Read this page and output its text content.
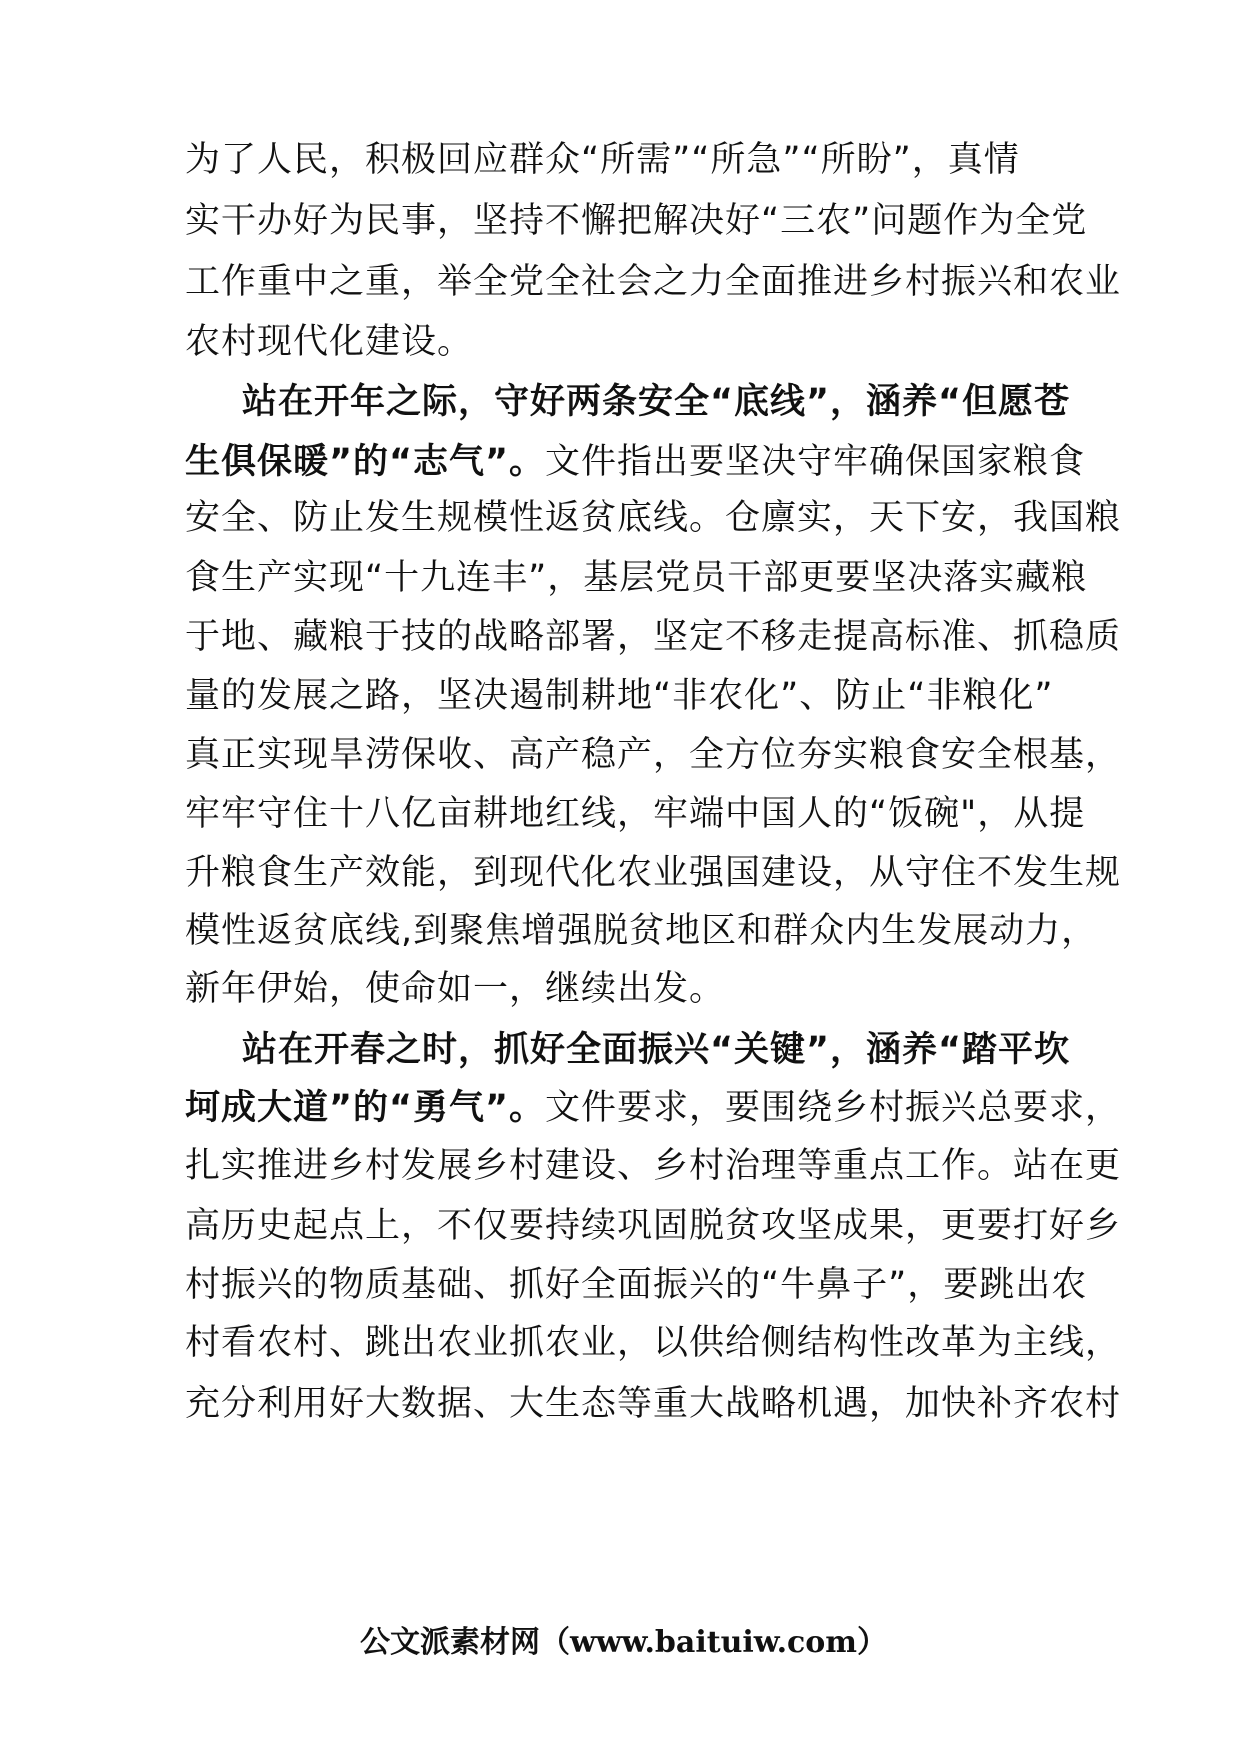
为了人民，积极回应群众“所需”“所急”“所盼”，真情
实干办好为民事，坚持不懈把解决好“三农”问题作为全党
工作重中之重，举全党全社会之力全面推进乡村振兴和农业
农村现代化建设。
站在开年之际，守好两条安全“底线”，涵养“但愿苍
生俱保暖”的“志气”。文件指出要坚决守牢确保国家粮食
安全、防止发生规模性返贫底线。仓廪实，天下安，我国粮
食生产实现“十九连丰”，基层党员干部更要坚决落实藏粮
于地、藏粮于技的战略部署，坚定不移走提高标准、抓稳质
量的发展之路，坚决遏制耕地“非农化”、防止“非粮化”
真正实现旱涝保收、高产稳产，全方位夯实粮食安全根基，
牢牢守住十八亿亩耕地红线，牢端中国人的“饭碗"，从提
升粮食生产效能，到现代化农业强国建设，从守住不发生规
模性返贫底线,到聚焦增强脱贫地区和群众内生发展动力，
新年伊始，使命如一，继续出发。
站在开春之时，抓好全面振兴“关键”，涵养“踏平坎
坷成大道”的“勇气”。文件要求，要围绕乡村振兴总要求，
扎实推进乡村发展乡村建设、乡村治理等重点工作。站在更
高历史起点上，不仅要持续巩固脱贫攻坚成果，更要打好乡
村振兴的物质基础、抓好全面振兴的“牛鼻子”，要跳出农
村看农村、跳出农业抓农业，以供给侧结构性改革为主线，
充分利用好大数据、大生态等重大战略机遇，加快补齐农村
公文派素材网（www.baituiw.com）
